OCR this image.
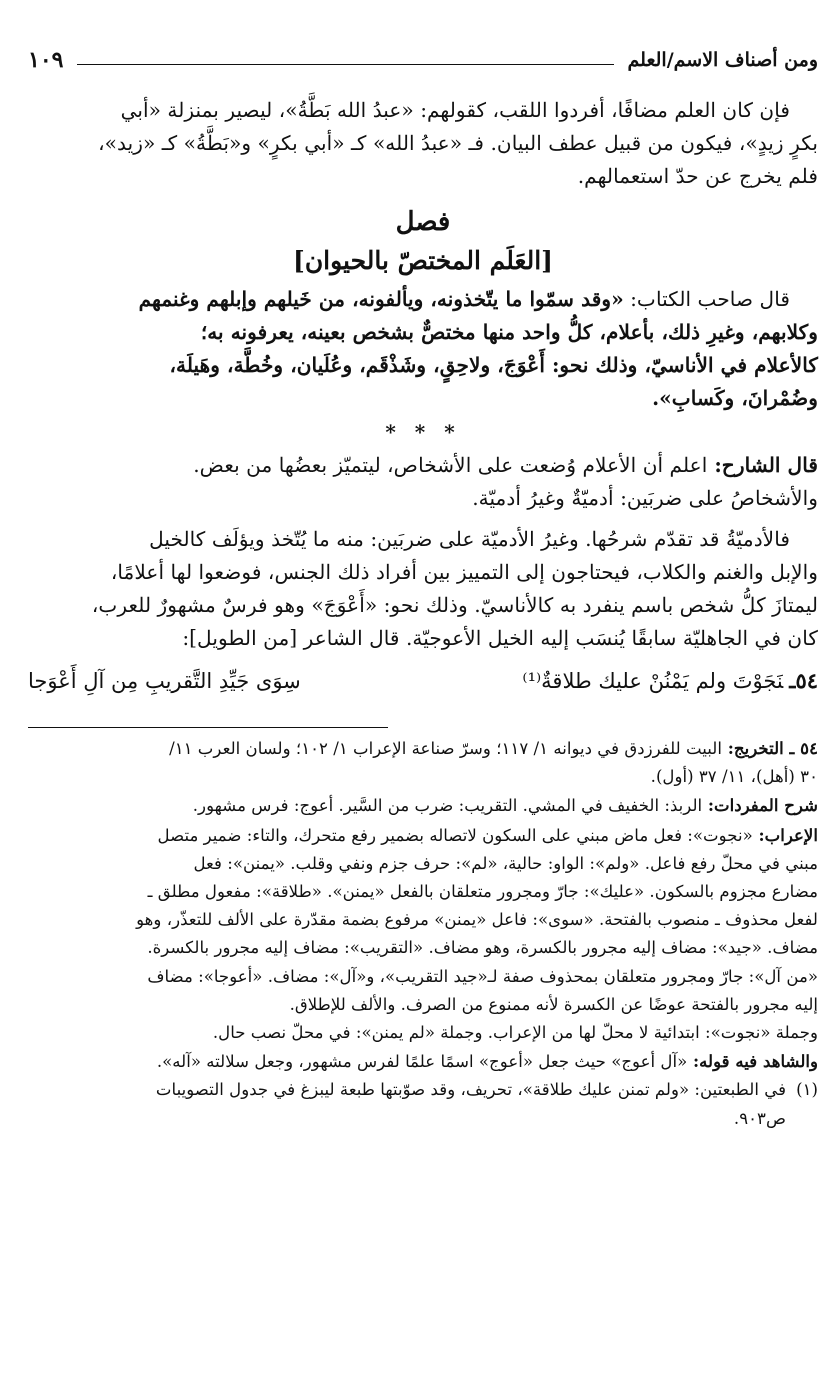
ومن أصناف الاسم/العلم
١٠٩

فإن كان العلم مضافًا، أفردوا اللقب، كقولهم: «عبدُ الله بَطَّةُ»، ليصير بمنزلة «أبي

بكرٍ زيدٍ»، فيكون من قبيل عطف البيان. فـ «عبدُ الله» كـ «أبي بكرٍ» و«بَطَّةُ» كـ «زيد»،

فلم يخرج عن حدّ استعمالهم.

فصل

[العَلَم المختصّ بالحيوان]

قال صاحب الكتاب: «وقد سمّوا ما يتّخذونه، ويألفونه، من خَيلهم وإبلهم وغنمهم

وكلابهم، وغيرِ ذلك، بأعلام، كلُّ واحد منها مختصٌّ بشخص بعينه، يعرفونه به؛

كالأعلام في الأناسيّ، وذلك نحو: أَعْوَجَ، ولاحِقٍ، وشَذْقَم، وعُلَيان، وخُطَّة، وهَيلَة،

وضُمْرانَ، وكَسابِ».

* * *

قال الشارح: اعلم أن الأعلام وُضعت على الأشخاص، ليتميّز بعضُها من بعض.

والأشخاصُ على ضربَين: أدميّةٌ وغيرُ أدميّة.

فالأدميّةُ قد تقدّم شرحُها. وغيرُ الأدميّة على ضربَين: منه ما يُتّخذ ويؤلَف كالخيل

والإبل والغنم والكلاب، فيحتاجون إلى التمييز بين أفراد ذلك الجنس، فوضعوا لها أعلامًا،

ليمتازَ كلُّ شخص باسم ينفرد به كالأناسيّ. وذلك نحو: «أَعْوَجَ» وهو فرسٌ مشهورٌ للعرب،

كان في الجاهليّة سابقًا يُنسَب إليه الخيل الأعوجيّة. قال الشاعر [من الطويل]:

٥٤ـنَجَوْتَ ولم يَمْنُنْ عليك طلاقةٌ⁽¹⁾
سِوَى جَيِّدِ التَّقريبِ مِن آلِ أَعْوَجا

٥٤ ـ التخريج: البيت للفرزدق في ديوانه ١/ ١١٧؛ وسرّ صناعة الإعراب ١/ ١٠٢؛ ولسان العرب ١١/

٣٠ (أهل)، ١١/ ٣٧ (أول).

شرح المفردات: الربذ: الخفيف في المشي. التقريب: ضرب من السَّير. أعوج: فرس مشهور.

الإعراب: «نجوت»: فعل ماض مبني على السكون لاتصاله بضمير رفع متحرك، والتاء: ضمير متصل

مبني في محلّ رفع فاعل. «ولم»: الواو: حالية، «لم»: حرف جزم ونفي وقلب. «يمنن»: فعل

مضارع مجزوم بالسكون. «عليك»: جارّ ومجرور متعلقان بالفعل «يمنن». «طلاقة»: مفعول مطلق ـ

لفعل محذوف ـ منصوب بالفتحة. «سوى»: فاعل «يمنن» مرفوع بضمة مقدّرة على الألف للتعذّر، وهو

مضاف. «جيد»: مضاف إليه مجرور بالكسرة، وهو مضاف. «التقريب»: مضاف إليه مجرور بالكسرة.

«من آل»: جارّ ومجرور متعلقان بمحذوف صفة لـ«جيد التقريب»، و«آل»: مضاف. «أعوجا»: مضاف

إليه مجرور بالفتحة عوضًا عن الكسرة لأنه ممنوع من الصرف. والألف للإطلاق.

وجملة «نجوت»: ابتدائية لا محلّ لها من الإعراب. وجملة «لم يمنن»: في محلّ نصب حال.

والشاهد فيه قوله: «آل أعوج» حيث جعل «أعوج» اسمًا علمًا لفرس مشهور، وجعل سلالته «آله».

(١)

في الطبعتين: «ولم تمنن عليك طلاقة»، تحريف، وقد صوّبتها طبعة ليبزغ في جدول التصويبات

ص٩٠٣.
